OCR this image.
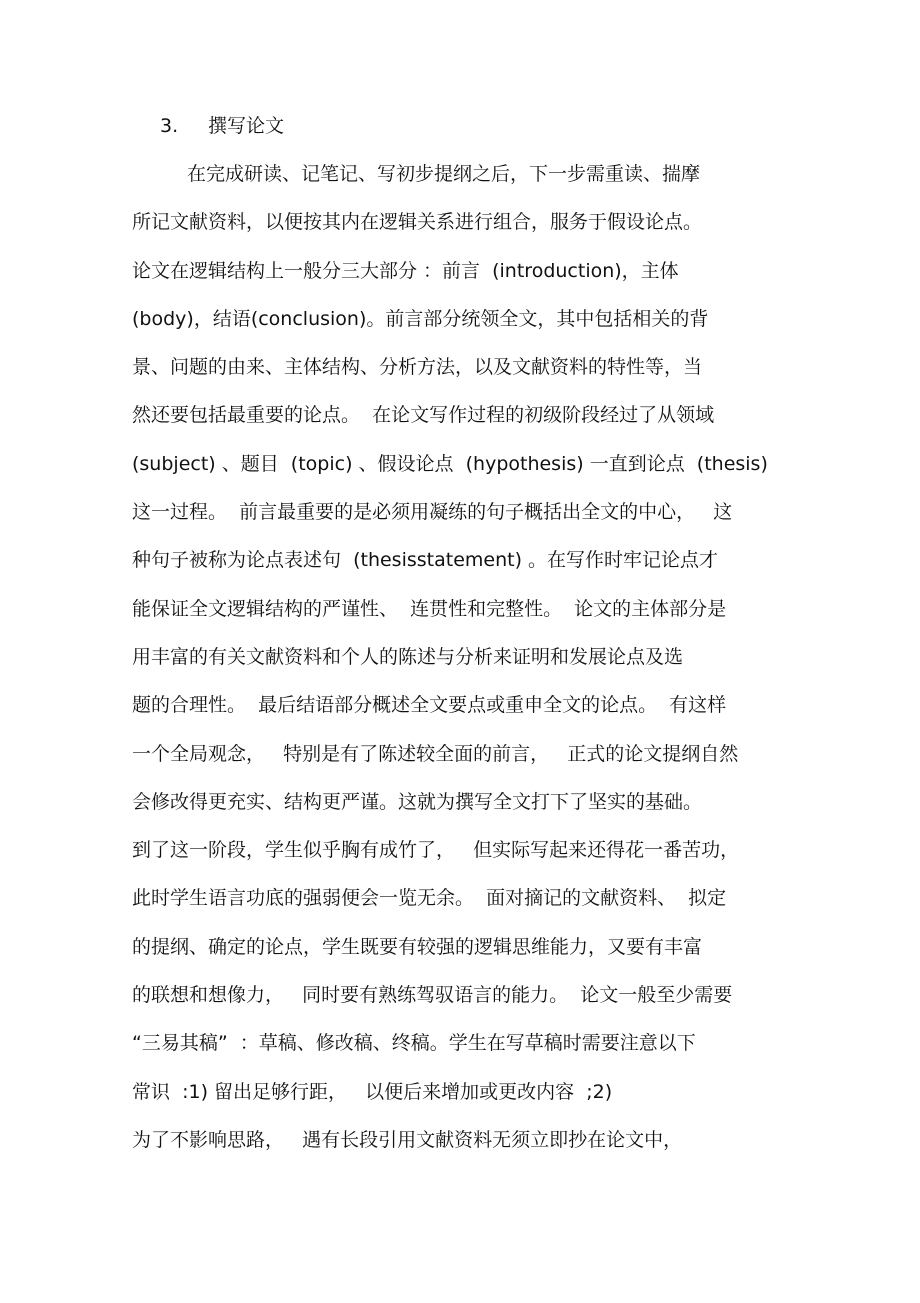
3. 撰写论文
在完成研读、记笔记、写初步提纲之后，下一步需重读、揣摩
所记文献资料，以便按其内在逻辑关系进行组合，服务于假设论点。
论文在逻辑结构上一般分三大部分 ：前言  (introduction)，主体
(body)，结语(conclusion)。前言部分统领全文，其中包括相关的背
景、问题的由来、主体结构、分析方法，以及文献资料的特性等，当
然还要包括最重要的论点。  在论文写作过程的初级阶段经过了从领域
(subject) 、题目  (topic) 、假设论点  (hypothesis) 一直到论点  (thesis)
这一过程。  前言最重要的是必须用凝练的句子概括出全文的中心，   这
种句子被称为论点表述句  (thesisstatement) 。在写作时牢记论点才
能保证全文逻辑结构的严谨性、  连贯性和完整性。  论文的主体部分是
用丰富的有关文献资料和个人的陈述与分析来证明和发展论点及选
题的合理性。  最后结语部分概述全文要点或重申全文的论点。  有这样
一个全局观念，   特别是有了陈述较全面的前言，   正式的论文提纲自然
会修改得更充实、结构更严谨。这就为撰写全文打下了坚实的基础。
到了这一阶段，学生似乎胸有成竹了，   但实际写起来还得花一番苦功，
此时学生语言功底的强弱便会一览无余。  面对摘记的文献资料、  拟定
的提纲、确定的论点，学生既要有较强的逻辑思维能力，又要有丰富
的联想和想像力，   同时要有熟练驾驭语言的能力。  论文一般至少需要
“三易其稿”  ：草稿、修改稿、终稿。学生在写草稿时需要注意以下
常识  :1) 留出足够行距，   以便后来增加或更改内容  ;2)
为了不影响思路，   遇有长段引用文献资料无须立即抄在论文中，
